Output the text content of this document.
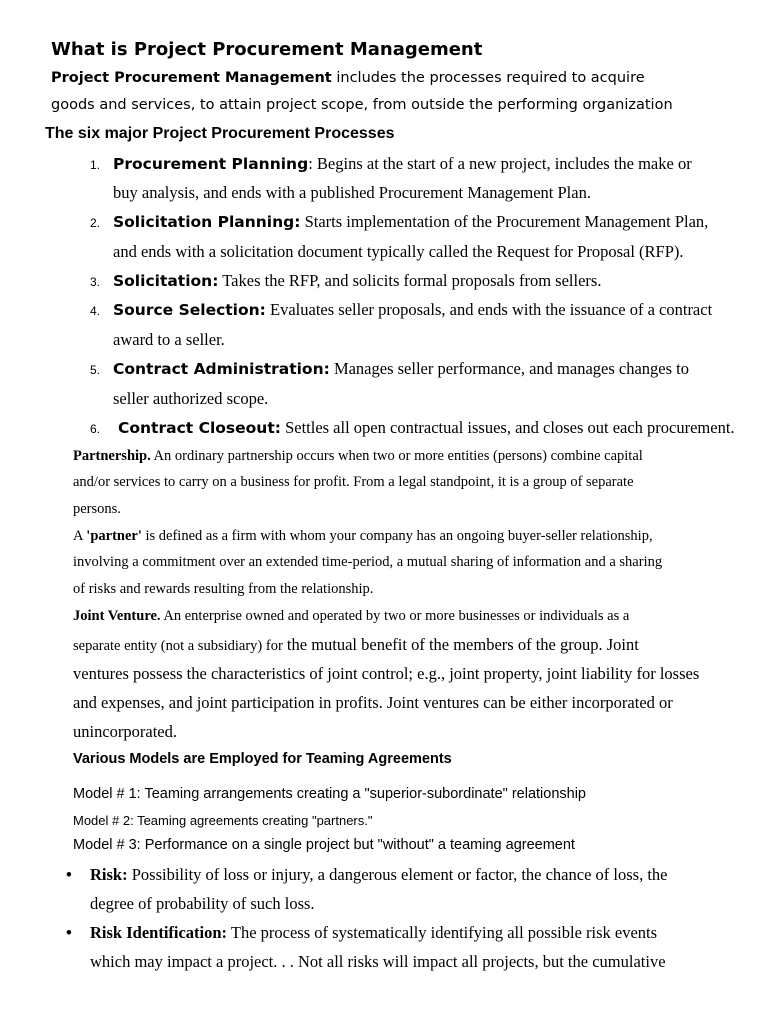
What is Project Procurement Management
Project Procurement Management includes the processes required to acquire
goods and services, to attain project scope, from outside the performing organization
The six major Project Procurement Processes
1. Procurement Planning: Begins at the start of a new project, includes the make or
buy analysis, and ends with a published Procurement Management Plan.
2. Solicitation Planning: Starts implementation of the Procurement Management Plan,
and ends with a solicitation document typically called the Request for Proposal (RFP).
3. Solicitation: Takes the RFP, and solicits formal proposals from sellers.
4. Source Selection: Evaluates seller proposals, and ends with the issuance of a contract
award to a seller.
5. Contract Administration: Manages seller performance, and manages changes to
seller authorized scope.
6. Contract Closeout: Settles all open contractual issues, and closes out each procurement.
Partnership. An ordinary partnership occurs when two or more entities (persons) combine capital
and/or services to carry on a business for profit. From a legal standpoint, it is a group of separate
persons.
A 'partner' is defined as a firm with whom your company has an ongoing buyer-seller relationship,
involving a commitment over an extended time-period, a mutual sharing of information and a sharing
of risks and rewards resulting from the relationship.
Joint Venture. An enterprise owned and operated by two or more businesses or individuals as a
separate entity (not a subsidiary) for the mutual benefit of the members of the group. Joint
ventures possess the characteristics of joint control; e.g., joint property, joint liability for losses
and expenses, and joint participation in profits. Joint ventures can be either incorporated or
unincorporated.
Various Models are Employed for Teaming Agreements
Model # 1: Teaming arrangements creating a "superior-subordinate" relationship
Model # 2: Teaming agreements creating "partners."
Model # 3: Performance on a single project but "without" a teaming agreement
• Risk: Possibility of loss or injury, a dangerous element or factor, the chance of loss, the
degree of probability of such loss.
• Risk Identification: The process of systematically identifying all possible risk events
which may impact a project. . . Not all risks will impact all projects, but the cumulative
